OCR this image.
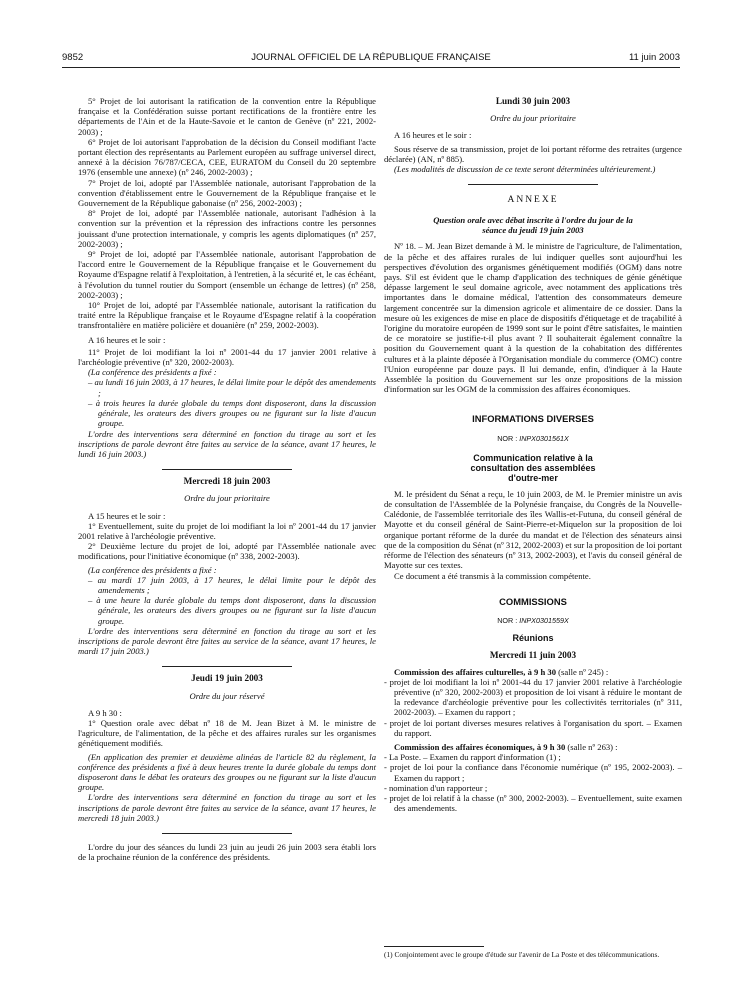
9852	JOURNAL OFFICIEL DE LA RÉPUBLIQUE FRANÇAISE	11 juin 2003

5° Projet de loi autorisant la ratification de la convention entre la République française et la Confédération suisse portant rectifications de la frontière entre les départements de l'Ain et de la Haute-Savoie et le canton de Genève (nº 221, 2002-2003) ;

6° Projet de loi autorisant l'approbation de la décision du Conseil modifiant l'acte portant élection des représentants au Parlement européen au suffrage universel direct, annexé à la décision 76/787/CECA, CEE, EURATOM du Conseil du 20 septembre 1976 (ensemble une annexe) (nº 246, 2002-2003) ;

7° Projet de loi, adopté par l'Assemblée nationale, autorisant l'approbation de la convention d'établissement entre le Gouvernement de la République française et le Gouvernement de la République gabonaise (nº 256, 2002-2003) ;

8° Projet de loi, adopté par l'Assemblée nationale, autorisant l'adhésion à la convention sur la prévention et la répression des infractions contre les personnes jouissant d'une protection internationale, y compris les agents diplomatiques (nº 257, 2002-2003) ;

9° Projet de loi, adopté par l'Assemblée nationale, autorisant l'approbation de l'accord entre le Gouvernement de la République française et le Gouvernement du Royaume d'Espagne relatif à l'exploitation, à l'entretien, à la sécurité et, le cas échéant, à l'évolution du tunnel routier du Somport (ensemble un échange de lettres) (nº 258, 2002-2003) ;

10° Projet de loi, adopté par l'Assemblée nationale, autorisant la ratification du traité entre la République française et le Royaume d'Espagne relatif à la coopération transfrontalière en matière policière et douanière (nº 259, 2002-2003).

A 16 heures et le soir :

11° Projet de loi modifiant la loi nº 2001-44 du 17 janvier 2001 relative à l'archéologie préventive (nº 320, 2002-2003).

(La conférence des présidents a fixé :

– au lundi 16 juin 2003, à 17 heures, le délai limite pour le dépôt des amendements ;

– à trois heures la durée globale du temps dont disposeront, dans la discussion générale, les orateurs des divers groupes ou ne figurant sur la liste d'aucun groupe.

L'ordre des interventions sera déterminé en fonction du tirage au sort et les inscriptions de parole devront être faites au service de la séance, avant 17 heures, le lundi 16 juin 2003.)

Mercredi 18 juin 2003

Ordre du jour prioritaire

A 15 heures et le soir :

1° Eventuellement, suite du projet de loi modifiant la loi nº 2001-44 du 17 janvier 2001 relative à l'archéologie préventive.

2° Deuxième lecture du projet de loi, adopté par l'Assemblée nationale avec modifications, pour l'initiative économique (nº 338, 2002-2003).

(La conférence des présidents a fixé :

– au mardi 17 juin 2003, à 17 heures, le délai limite pour le dépôt des amendements ;

– à une heure la durée globale du temps dont disposeront, dans la discussion générale, les orateurs des divers groupes ou ne figurant sur la liste d'aucun groupe.

L'ordre des interventions sera déterminé en fonction du tirage au sort et les inscriptions de parole devront être faites au service de la séance, avant 17 heures, le mardi 17 juin 2003.)

Jeudi 19 juin 2003

Ordre du jour réservé

A 9 h 30 :

1° Question orale avec débat nº 18 de M. Jean Bizet à M. le ministre de l'agriculture, de l'alimentation, de la pêche et des affaires rurales sur les organismes génétiquement modifiés.

(En application des premier et deuxième alinéas de l'article 82 du règlement, la conférence des présidents a fixé à deux heures trente la durée globale du temps dont disposeront dans le débat les orateurs des groupes ou ne figurant sur la liste d'aucun groupe.

L'ordre des interventions sera déterminé en fonction du tirage au sort et les inscriptions de parole devront être faites au service de la séance, avant 17 heures, le mercredi 18 juin 2003.)

L'ordre du jour des séances du lundi 23 juin au jeudi 26 juin 2003 sera établi lors de la prochaine réunion de la conférence des présidents.

Lundi 30 juin 2003

Ordre du jour prioritaire

A 16 heures et le soir :

Sous réserve de sa transmission, projet de loi portant réforme des retraites (urgence déclarée) (AN, nº 885).

(Les modalités de discussion de ce texte seront déterminées ultérieurement.)

ANNEXE

Question orale avec débat inscrite à l'ordre du jour de la séance du jeudi 19 juin 2003

Nº 18. – M. Jean Bizet demande à M. le ministre de l'agriculture, de l'alimentation, de la pêche et des affaires rurales de lui indiquer quelles sont aujourd'hui les perspectives d'évolution des organismes génétiquement modifiés (OGM) dans notre pays. S'il est évident que le champ d'application des techniques de génie génétique dépasse largement le seul domaine agricole, avec notamment des applications très importantes dans le domaine médical, l'attention des consommateurs demeure largement concentrée sur la dimension agricole et alimentaire de ce dossier. Dans la mesure où les exigences de mise en place de dispositifs d'étiquetage et de traçabilité à l'origine du moratoire européen de 1999 sont sur le point d'être satisfaites, le maintien de ce moratoire se justifie-t-il plus avant ? Il souhaiterait également connaître la position du Gouvernement quant à la question de la cohabitation des différentes cultures et à la plainte déposée à l'Organisation mondiale du commerce (OMC) contre l'Union européenne par douze pays. Il lui demande, enfin, d'indiquer à la Haute Assemblée la position du Gouvernement sur les onze propositions de la mission d'information sur les OGM de la commission des affaires économiques.

INFORMATIONS DIVERSES

NOR : INPX0301561X

Communication relative à la consultation des assemblées d'outre-mer

M. le président du Sénat a reçu, le 10 juin 2003, de M. le Premier ministre un avis de consultation de l'Assemblée de la Polynésie française, du Congrès de la Nouvelle-Calédonie, de l'assemblée territoriale des îles Wallis-et-Futuna, du conseil général de Mayotte et du conseil général de Saint-Pierre-et-Miquelon sur la proposition de loi organique portant réforme de la durée du mandat et de l'élection des sénateurs ainsi que de la composition du Sénat (nº 312, 2002-2003) et sur la proposition de loi portant réforme de l'élection des sénateurs (nº 313, 2002-2003), et l'avis du conseil général de Mayotte sur ces textes.

Ce document a été transmis à la commission compétente.

COMMISSIONS

NOR : INPX0301559X

Réunions

Mercredi 11 juin 2003

Commission des affaires culturelles, à 9 h 30 (salle nº 245) :

- projet de loi modifiant la loi nº 2001-44 du 17 janvier 2001 relative à l'archéologie préventive (nº 320, 2002-2003) et proposition de loi visant à réduire le montant de la redevance d'archéologie préventive pour les collectivités territoriales (nº 311, 2002-2003). – Examen du rapport ;

- projet de loi portant diverses mesures relatives à l'organisation du sport. – Examen du rapport.

Commission des affaires économiques, à 9 h 30 (salle nº 263) :

- La Poste. – Examen du rapport d'information (1) ;

- projet de loi pour la confiance dans l'économie numérique (nº 195, 2002-2003). – Examen du rapport ;

- nomination d'un rapporteur ;

- projet de loi relatif à la chasse (nº 300, 2002-2003). – Eventuellement, suite examen des amendements.

(1) Conjointement avec le groupe d'étude sur l'avenir de La Poste et des télécommunications.
